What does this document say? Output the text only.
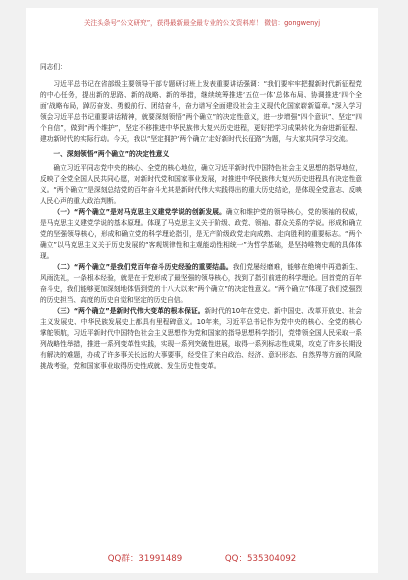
关注头条号“公文研究”，获得最新最全最专业的公文资料库！ 微信：gongwenyj

同志们：

习近平总书记在省部级主要领导干部专题研讨班上发表重要讲话强调：“我们要牢牢把握新时代新征程党的中心任务，提出新的思路、新的战略、新的举措，继续统筹推进‘五位一体’总体布局、协调推进‘四个全面’战略布局，踔厉奋发、勇毅前行、团结奋斗，奋力谱写全面建设社会主义现代化国家崭新篇章。”深入学习领会习近平总书记重要讲话精神，就要深刻领悟“两个确立”的决定性意义，进一步增强“四个意识”、坚定“四个自信”，做到“两个维护”，坚定不移推进中华民族伟大复兴历史进程，更好把学习成果转化为奋进新征程、建功新时代的实际行动。今天，我以“坚定拥护‘两个确立’走好新时代长征路”为题，与大家共同学习交流。

一、深刻领悟“两个确立”的决定性意义

确立习近平同志党中央的核心、全党的核心地位，确立习近平新时代中国特色社会主义思想的指导地位，反映了全党全国人民共同心愿，对新时代党和国家事业发展，对推进中华民族伟大复兴历史进程具有决定性意义。“两个确立”是深刻总结党的百年奋斗尤其是新时代伟大实践得出的重大历史结论，是体现全党意志、反映人民心声的重大政治判断。

（一）“两个确立”是对马克思主义建党学说的创新发展。确立和维护党的领导核心，党的领袖的权威，是马克思主义建党学说的基本原理。体现了马克思主义关于阶级、政党、领袖、群众关系的学说。形成和确立党的坚强领导核心，形成和确立党的科学理论指引，是无产阶级政党走向成熟、走向胜利的重要标志。“两个确立”以马克思主义关于历史发展的“客观规律性和主观能动性相统一”为哲学基础，是坚持唯物史观的具体体现。

（二）“两个确立”是我们党百年奋斗历史经验的重要结晶。我们党屡经磨难，能够在绝境中再造新生、风雨洗礼，一条根本经验，就是在于党形成了最坚强的领导核心，找到了指引前进的科学理论。回首党的百年奋斗史，我们能够更加深刻地体悟到党的十八大以来“两个确立”的决定性意义。“两个确立”体现了我们党强烈的历史担当、高度的历史自觉和坚定的历史自信。

（三）“两个确立”是新时代伟大变革的根本保证。新时代的10年在党史、新中国史、改革开放史、社会主义发展史、中华民族发展史上都具有里程碑意义。10年来，习近平总书记作为党中央的核心、全党的核心掌舵领航，习近平新时代中国特色社会主义思想作为党和国家的指导思想科学指引，党带领全国人民采取一系列战略性举措，推进一系列变革性实践，实现一系列突破性进展，取得一系列标志性成果，攻克了许多长期没有解决的难题，办成了许多事关长远的大事要事，经受住了来自政治、经济、意识形态、自然界等方面的风险挑战考验，党和国家事业取得历史性成就、发生历史性变革。

QQ群：31991489	QQ：535304092
